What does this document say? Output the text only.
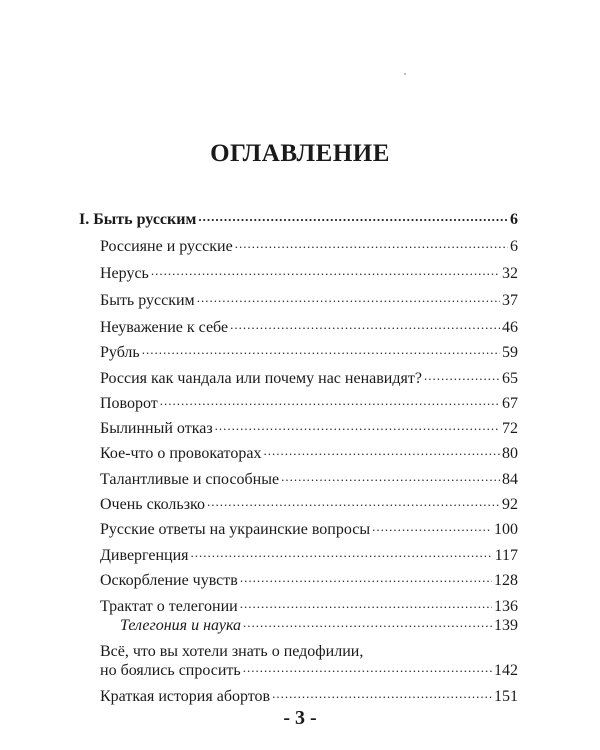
ОГЛАВЛЕНИЕ
I. Быть русским .....	6
Россияне и русские .....	6
Нерусь .....	32
Быть русским .....	37
Неуважение к себе .....	46
Рубль .....	59
Россия как чандала или почему нас ненавидят? .....	65
Поворот .....	67
Былинный отказ .....	72
Кое-что о провокаторах .....	80
Талантливые и способные .....	84
Очень скользко .....	92
Русские ответы на украинские вопросы .....	100
Дивергенция .....	117
Оскорбление чувств .....	128
Трактат о телегонии .....	136
Телегония и наука .....	139
Всё, что вы хотели знать о педофилии,
но боялись спросить .....	142
Краткая история абортов .....	151
- 3 -
